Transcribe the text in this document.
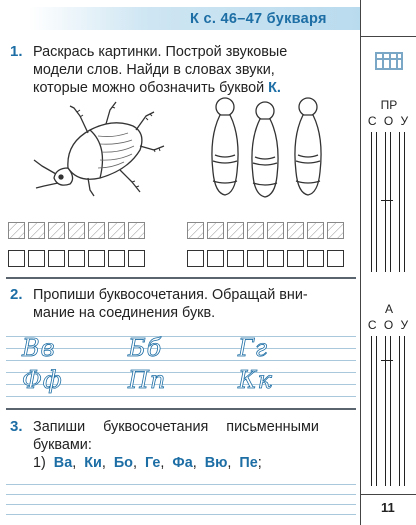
К с. 46–47 букваря
1. Раскрась картинки. Построй звуковые
модели слов. Найди в словах звуки,
которые можно обозначить буквой К.
2. Пропиши буквосочетания. Обращай вни-
мание на соединения букв.
Вв	Бб	Гг
Фф	Пп	Кк
3. Запиши буквосочетания письменными
буквами:
1) Ва,  Ки,  Бо,  Ге,  Фа,  Вю,  Пе;
ПР
С О У
А
С О У
11
